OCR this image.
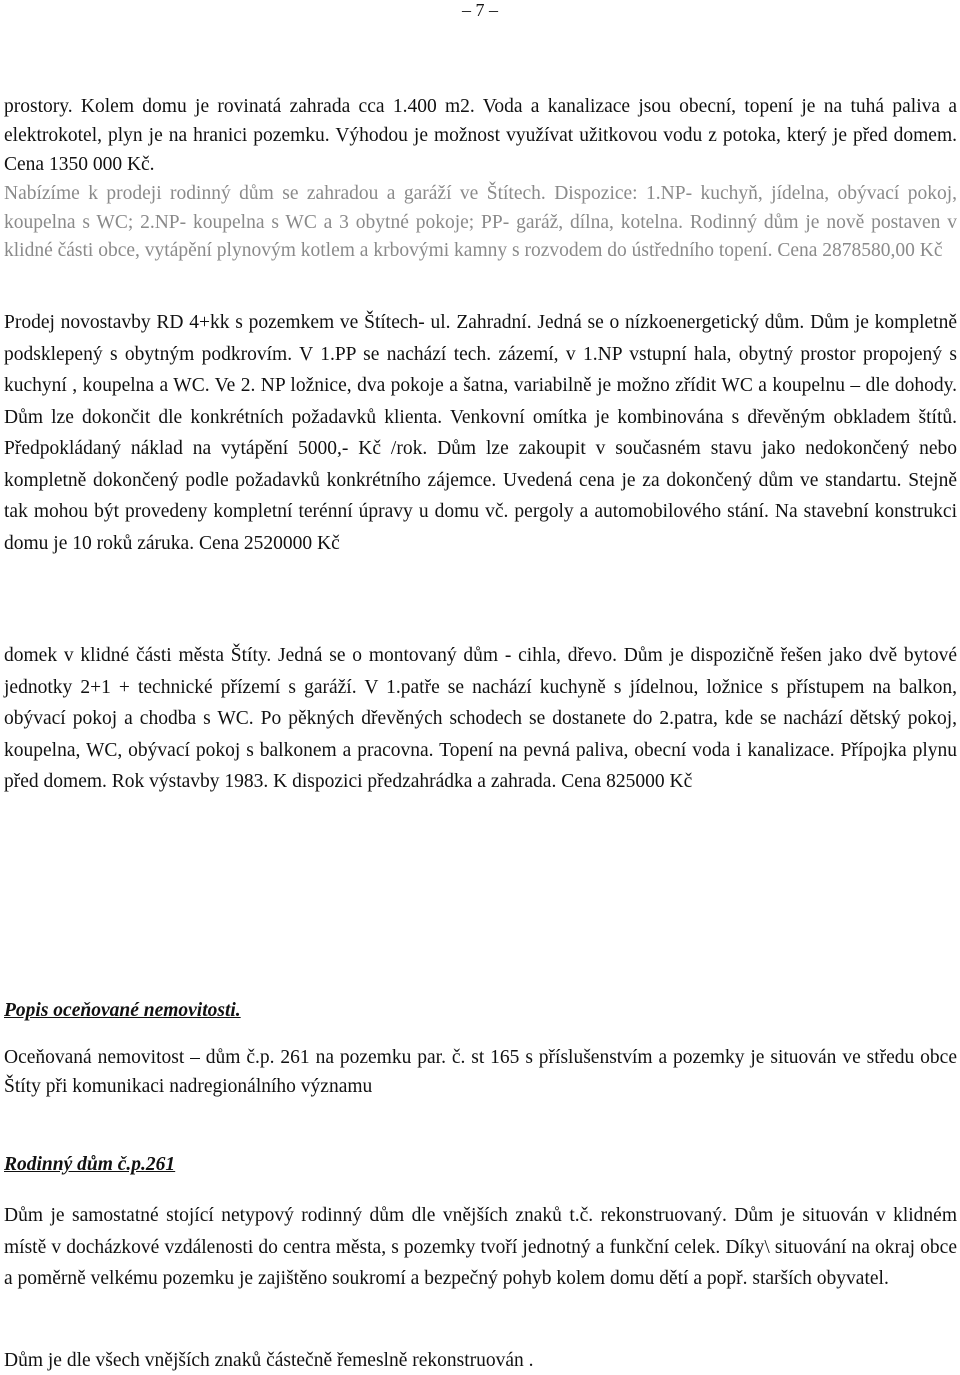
– 7 –

prostory. Kolem domu je rovinatá zahrada cca 1.400 m2. Voda a kanalizace jsou obecní, topení je na tuhá paliva a elektrokotel, plyn je na hranici pozemku. Výhodou je možnost využívat užitkovou vodu z potoka, který je před domem. Cena 1350 000 Kč.

Nabízíme k prodeji rodinný dům se zahradou a garáží ve Štítech. Dispozice: 1.NP- kuchyň, jídelna, obývací pokoj, koupelna s WC; 2.NP- koupelna s WC a 3 obytné pokoje; PP- garáž, dílna, kotelna. Rodinný dům je nově postaven v klidné části obce, vytápění plynovým kotlem a krbovými kamny s rozvodem do ústředního topení. Cena 2878580,00 Kč

Prodej novostavby RD 4+kk s pozemkem ve Štítech- ul. Zahradní. Jedná se o nízkoenergetický dům. Dům je kompletně podsklepený s obytným podkrovím. V 1.PP se nachází tech. zázemí, v 1.NP vstupní hala, obytný prostor propojený s kuchyní , koupelna a WC. Ve 2. NP ložnice, dva pokoje a šatna, variabilně je možno zřídit WC a koupelnu – dle dohody. Dům lze dokončit dle konkrétních požadavků klienta. Venkovní omítka je kombinována s dřevěným obkladem štítů. Předpokládaný náklad na vytápění 5000,- Kč /rok. Dům lze zakoupit v současném stavu jako nedokončený nebo kompletně dokončený podle požadavků konkrétního zájemce. Uvedená cena je za dokončený dům ve standartu. Stejně tak mohou být provedeny kompletní terénní úpravy u domu vč. pergoly a automobilového stání. Na stavební konstrukci domu je 10 roků záruka. Cena 2520000 Kč

domek v klidné části města Štíty. Jedná se o montovaný dům - cihla, dřevo. Dům je dispozičně řešen jako dvě bytové jednotky 2+1 + technické přízemí s garáží. V 1.patře se nachází kuchyně s jídelnou, ložnice s přístupem na balkon, obývací pokoj a chodba s WC. Po pěkných dřevěných schodech se dostanete do 2.patra, kde se nachází dětský pokoj, koupelna, WC, obývací pokoj s balkonem a pracovna. Topení na pevná paliva, obecní voda i kanalizace. Přípojka plynu před domem. Rok výstavby 1983. K dispozici předzahrádka a zahrada. Cena 825000 Kč

Popis oceňované nemovitosti.

Oceňovaná nemovitost – dům č.p. 261 na pozemku par. č. st 165 s příslušenstvím a pozemky je situován ve středu obce Štíty při komunikaci nadregionálního významu

Rodinný dům č.p.261

Dům je samostatné stojící netypový rodinný dům dle vnějších znaků t.č. rekonstruovaný. Dům je situován v klidném místě v docházkové vzdálenosti do centra města, s pozemky tvoří jednotný a funkční celek. Díky\ situování na okraj obce a poměrně velkému pozemku je zajištěno soukromí a bezpečný pohyb kolem domu dětí a popř. starších obyvatel.

Dům je dle všech vnějších znaků částečně řemeslně rekonstruován .
